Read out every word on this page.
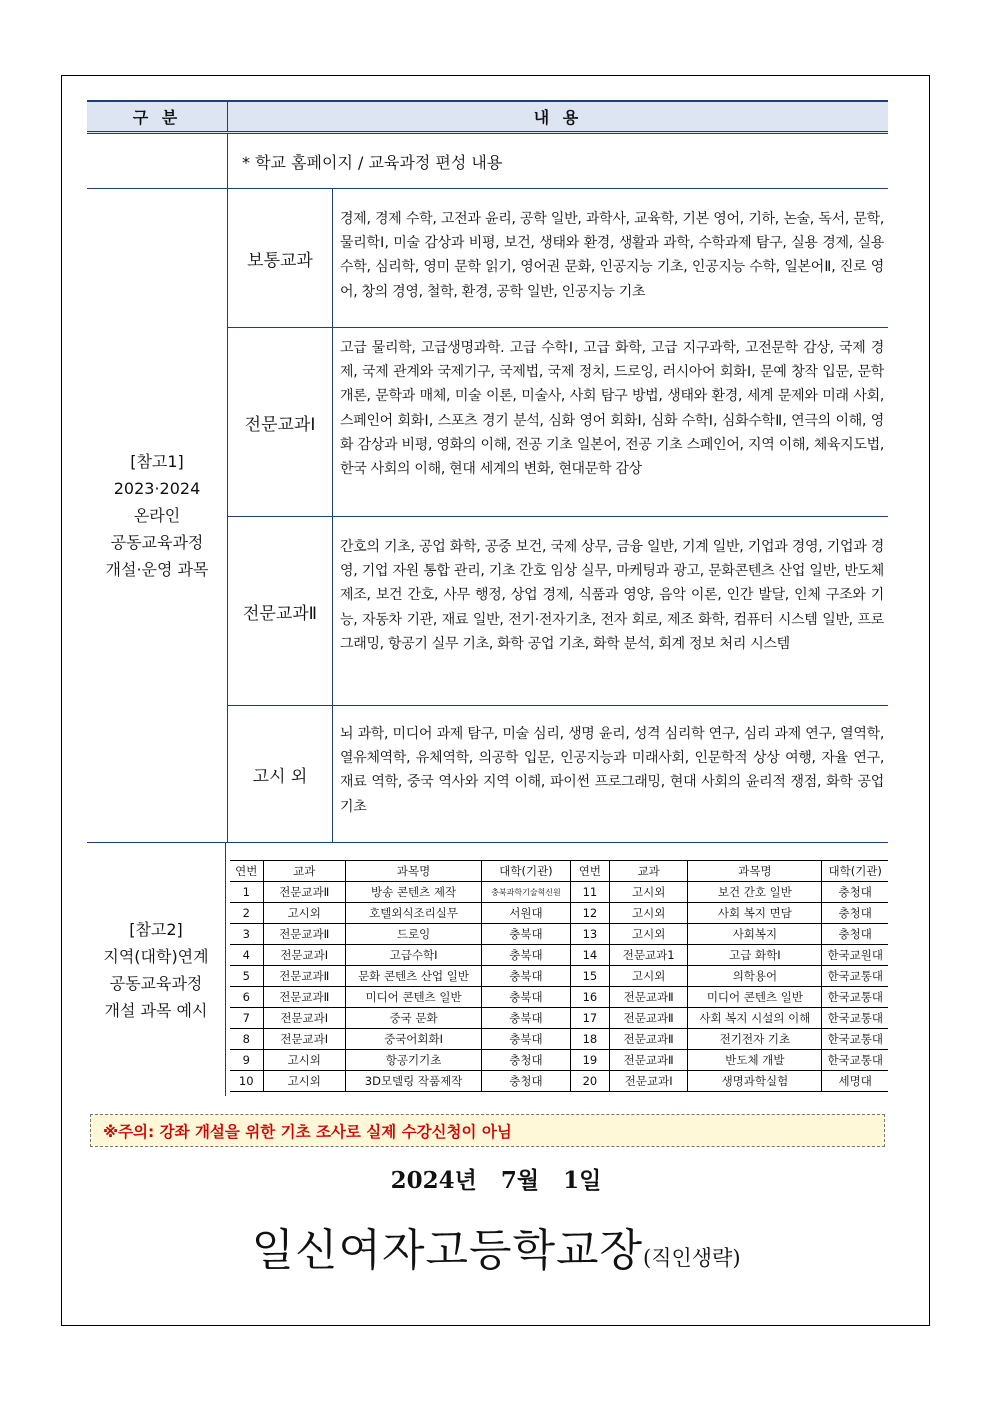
구 분	내 용
* 학교 홈페이지 / 교육과정 편성 내용
[참고1]
2023·2024
온라인
공동교육과정
개설·운영 과목
보통교과
경제, 경제 수학, 고전과 윤리, 공학 일반, 과학사, 교육학, 기본 영어, 기하, 논술, 독서, 문학, 물리학Ⅰ, 미술 감상과 비평, 보건, 생태와 환경, 생활과 과학, 수학과제 탐구, 실용 경제, 실용 수학, 심리학, 영미 문학 읽기, 영어권 문화, 인공지능 기초, 인공지능 수학, 일본어Ⅱ, 진로 영어, 창의 경영, 철학, 환경, 공학 일반, 인공지능 기초
전문교과Ⅰ
고급 물리학, 고급생명과학. 고급 수학Ⅰ, 고급 화학, 고급 지구과학, 고전문학 감상, 국제 경제, 국제 관계와 국제기구, 국제법, 국제 정치, 드로잉, 러시아어 회화Ⅰ, 문예 창작 입문, 문학 개론, 문학과 매체, 미술 이론, 미술사, 사회 탐구 방법, 생태와 환경, 세계 문제와 미래 사회, 스페인어 회화Ⅰ, 스포츠 경기 분석, 심화 영어 회화Ⅰ, 심화 수학Ⅰ, 심화수학Ⅱ, 연극의 이해, 영화 감상과 비평, 영화의 이해, 전공 기초 일본어, 전공 기초 스페인어, 지역 이해, 체육지도법, 한국 사회의 이해, 현대 세계의 변화, 현대문학 감상
전문교과Ⅱ
간호의 기초, 공업 화학, 공중 보건, 국제 상무, 금융 일반, 기계 일반, 기업과 경영, 기업과 경영, 기업 자원 통합 관리, 기초 간호 임상 실무, 마케팅과 광고, 문화콘텐츠 산업 일반, 반도체 제조, 보건 간호, 사무 행정, 상업 경제, 식품과 영양, 음악 이론, 인간 발달, 인체 구조와 기능, 자동차 기관, 재료 일반, 전기·전자기초, 전자 회로, 제조 화학, 컴퓨터 시스템 일반, 프로그래밍, 항공기 실무 기초, 화학 공업 기초, 화학 분석, 회계 정보 처리 시스템
고시 외
뇌 과학, 미디어 과제 탐구, 미술 심리, 생명 윤리, 성격 심리학 연구, 심리 과제 연구, 열역학, 열유체역학, 유체역학, 의공학 입문, 인공지능과 미래사회, 인문학적 상상 여행, 자율 연구, 재료 역학, 중국 역사와 지역 이해, 파이썬 프로그래밍, 현대 사회의 윤리적 쟁점, 화학 공업 기초
[참고2]
지역(대학)연계
공동교육과정
개설 과목 예시
연번	교과	과목명	대학(기관)	연번	교과	과목명	대학(기관)
1	전문교과Ⅱ	방송 콘텐츠 제작	충북과학기술혁신원	11	고시외	보건 간호 일반	충청대
2	고시외	호텔외식조리실무	서원대	12	고시외	사회 복지 면담	충청대
3	전문교과Ⅱ	드로잉	충북대	13	고시외	사회복지	충청대
4	전문교과Ⅰ	고급수학Ⅰ	충북대	14	전문교과1	고급 화학Ⅰ	한국교원대
5	전문교과Ⅱ	문화 콘텐츠 산업 일반	충북대	15	고시외	의학용어	한국교통대
6	전문교과Ⅱ	미디어 콘텐츠 일반	충북대	16	전문교과Ⅱ	미디어 콘텐츠 일반	한국교통대
7	전문교과Ⅰ	중국 문화	충북대	17	전문교과Ⅱ	사회 복지 시설의 이해	한국교통대
8	전문교과Ⅰ	중국어회화Ⅰ	충북대	18	전문교과Ⅱ	전기전자 기초	한국교통대
9	고시외	항공기기초	충청대	19	전문교과Ⅱ	반도체 개발	한국교통대
10	고시외	3D모델링 작품제작	충청대	20	전문교과Ⅰ	생명과학실험	세명대
※주의: 강좌 개설을 위한 기초 조사로 실제 수강신청이 아님
2024년 7월 1일
일신여자고등학교장(직인생략)
